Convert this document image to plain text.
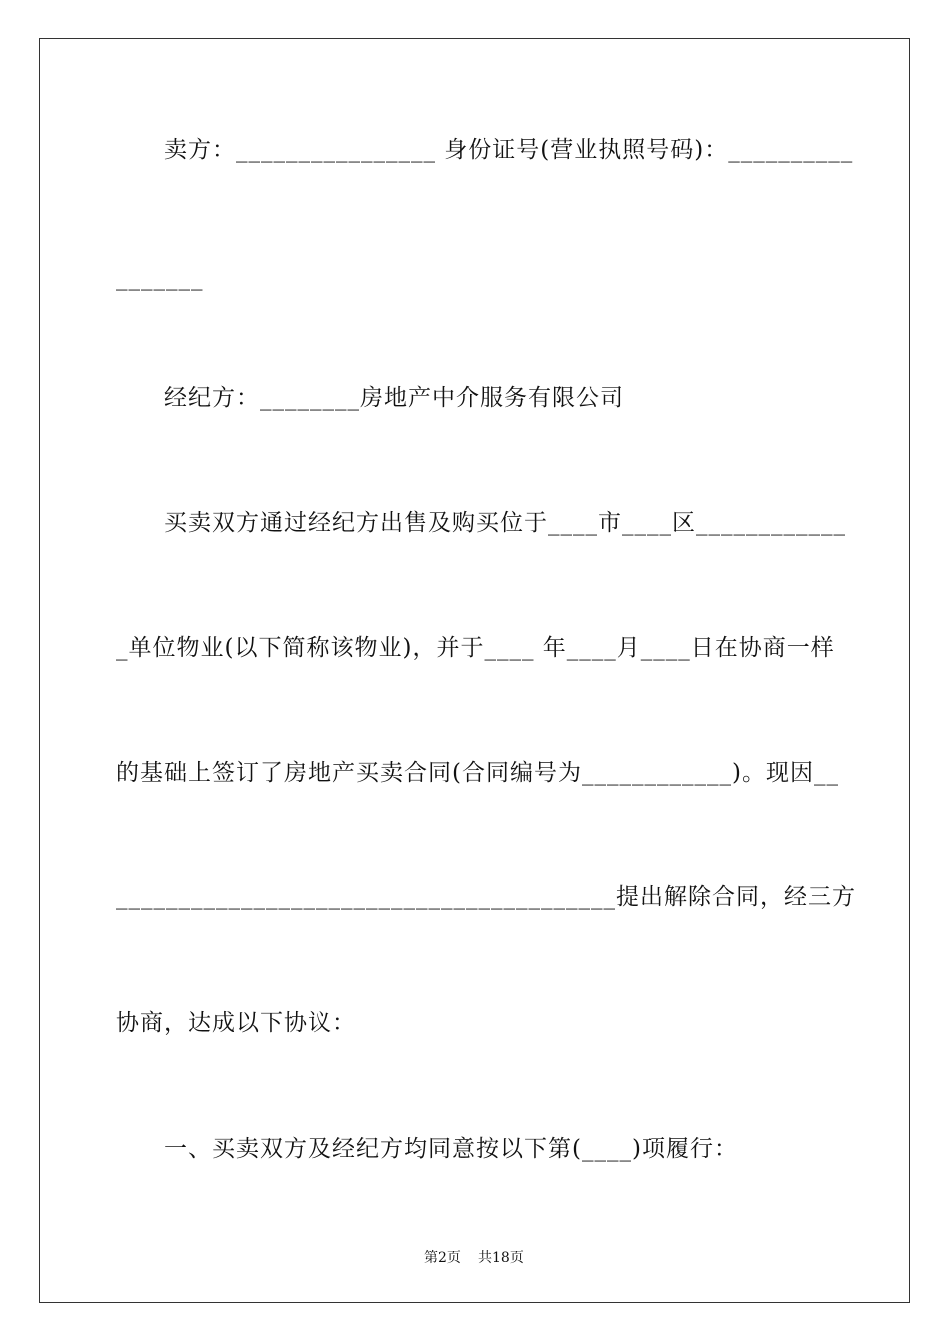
卖方：________________ 身份证号(营业执照号码)：__________

_______

经纪方：________房地产中介服务有限公司

买卖双方通过经纪方出售及购买位于____市____区____________

_单位物业(以下简称该物业)，并于____ 年____月____日在协商一样

的基础上签订了房地产买卖合同(合同编号为____________)。现因__

________________________________________提出解除合同，经三方

协商，达成以下协议：

一、买卖双方及经纪方均同意按以下第(____)项履行：

第2页 共18页
